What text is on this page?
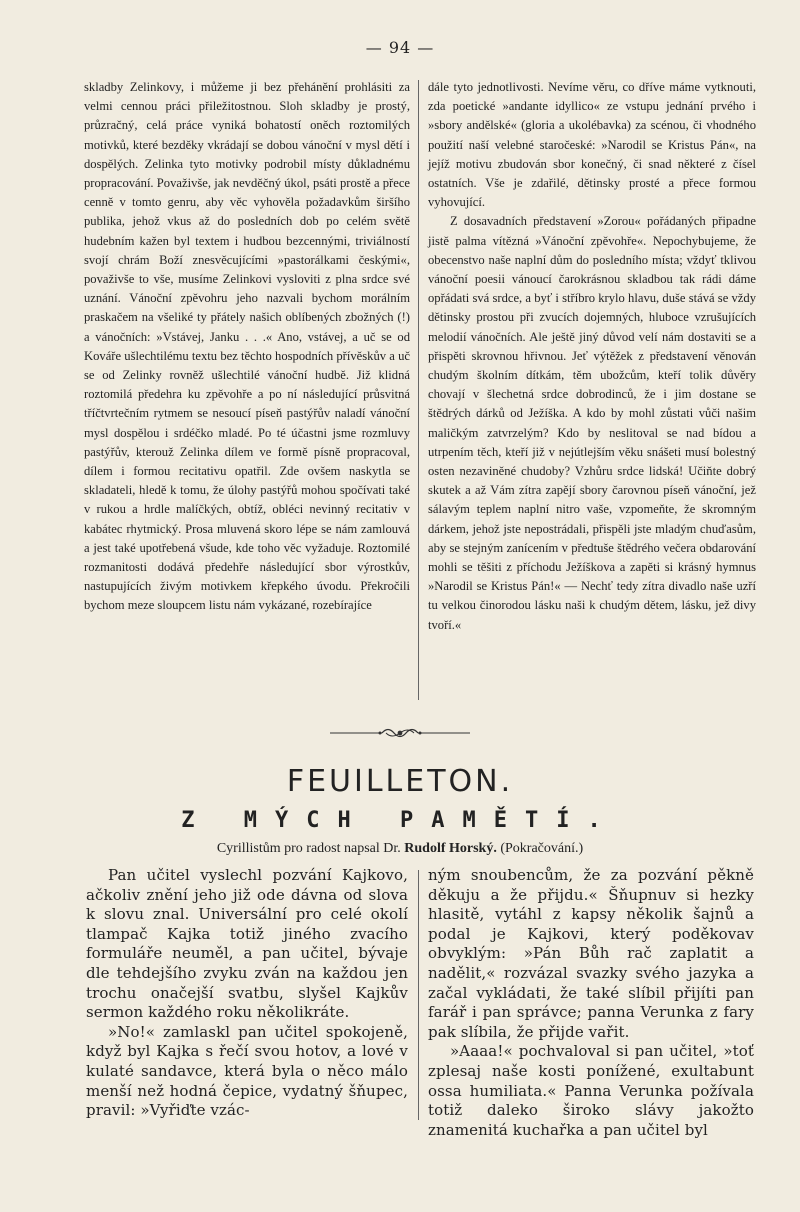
— 94 —

skladby Zelinkovy, i můžeme ji bez přehánění prohlásiti za velmi cennou práci přiležitostnou. Sloh skladby je prostý, průzračný, celá práce vyniká bohatostí oněch roztomilých motivků, které bezděky vkrádají se dobou vánoční v mysl dětí i dospělých. Zelinka tyto motivky podrobil místy důkladnému propracování. Považivše, jak nevděčný úkol, psáti prostě a přece cenně v tomto genru, aby věc vyhověla požadavkům širšího publika, jehož vkus až do posledních dob po celém světě hudebním kažen byl textem i hudbou bezcennými, triviálností svojí chrám Boží znesvěcujícími »pastorálkami českými«, považivše to vše, musíme Zelinkovi vysloviti z plna srdce své uznání. Vánoční zpěvohru jeho nazvali bychom morálním praskačem na všeliké ty přátely našich oblíbených zbožných (!) a vánočních: »Vstávej, Janku . . .« Ano, vstávej, a uč se od Kováře ušlechtilému textu bez těchto hospodních přívěskův a uč se od Zelinky rovněž ušlechtilé vánoční hudbě. Již klidná roztomilá předehra ku zpěvohře a po ní následující průsvitná tříčtvrtečním rytmem se nesoucí píseň pastýřův naladí vánoční mysl dospělou i srdéčko mladé. Po té účastni jsme rozmluvy pastýřův, kterouž Zelinka dílem ve formě písně propracoval, dílem i formou recitativu opatřil. Zde ovšem naskytla se skladateli, hledě k tomu, že úlohy pastýřů mohou spočívati také v rukou a hrdle malíčkých, obtíž, obléci nevinný recitativ v kabátec rhytmický. Prosa mluvená skoro lépe se nám zamlouvá a jest také upotřebená všude, kde toho věc vyžaduje. Roztomilé rozmanitosti dodává předehře následující sbor výrostkův, nastupujících živým motivkem křepkého úvodu. Překročili bychom meze sloupcem listu nám vykázané, rozebírajíce

dále tyto jednotlivosti. Nevíme věru, co dříve máme vytknouti, zda poetické »andante idyllico« ze vstupu jednání prvého i »sbory andělské« (gloria a ukolébavka) za scénou, či vhodného použití naší velebné staročeské: »Narodil se Kristus Pán«, na jejíž motivu zbudován sbor konečný, či snad některé z čísel ostatních. Vše je zdařilé, dětinsky prosté a přece formou vyhovující.

Z dosavadních představení »Zorou« pořádaných připadne jistě palma vítězná »Vánoční zpěvohře«. Nepochybujeme, že obecenstvo naše naplní dům do posledního místa; vždyť tklivou vánoční poesii vánoucí čarokrásnou skladbou tak rádi dáme opřádati svá srdce, a byť i stříbro krylo hlavu, duše stává se vždy dětinsky prostou při zvucích dojemných, hluboce vzrušujících melodií vánočních. Ale ještě jiný důvod velí nám dostaviti se a přispěti skrovnou hřivnou. Jeť výtěžek z představení věnován chudým školním dítkám, těm ubožcům, kteří tolik důvěry chovají v šlechetná srdce dobrodinců, že i jim dostane se štědrých dárků od Ježíška. A kdo by mohl zůstati vůči našim maličkým zatvrzelým? Kdo by neslitoval se nad bídou a utrpením těch, kteří již v nejútlejším věku snášeti musí bolestný osten nezaviněné chudoby? Vzhůru srdce lidská! Učiňte dobrý skutek a až Vám zítra zapějí sbory čarovnou píseň vánoční, jež sálavým teplem naplní nitro vaše, vzpomeňte, že skromným dárkem, jehož jste nepostrádali, přispěli jste mladým chuďasům, aby se stejným zanícením v předtuše štědrého večera obdarování mohli se těšiti z příchodu Ježíškova a zapěti si krásný hymnus »Narodil se Kristus Pán!« — Nechť tedy zítra divadlo naše uzří tu velkou činorodou lásku naši k chudým dětem, lásku, jež divy tvoří.«

FEUILLETON.
Z MÝCH PAMĚTÍ.
Cyrillistům pro radost napsal Dr. Rudolf Horský. (Pokračování.)

Pan učitel vyslechl pozvání Kajkovo, ačkoliv znění jeho již ode dávna od slova k slovu znal. Universální pro celé okolí tlampač Kajka totiž jiného zvacího formuláře neuměl, a pan učitel, bývaje dle tehdejšího zvyku zván na každou jen trochu onačejší svatbu, slyšel Kajkův sermon každého roku několikráte.

»No!« zamlaskl pan učitel spokojeně, když byl Kajka s řečí svou hotov, a lové v kulaté sandavce, která byla o něco málo menší než hodná čepice, vydatný šňupec, pravil: »Vyřiďte vzác-

ným snoubencům, že za pozvání pěkně děkuju a že přijdu.« Šňupnuv si hezky hlasitě, vytáhl z kapsy několik šajnů a podal je Kajkovi, který poděkovav obvyklým: »Pán Bůh rač zaplatit a nadělit,« rozvázal svazky svého jazyka a začal vykládati, že také slíbil přijíti pan farář i pan správce; panna Verunka z fary pak slíbila, že přijde vařit.

»Aaaa!« pochvaloval si pan učitel, »toť zplesaj naše kosti ponížené, exultabunt ossa humiliata.« Panna Verunka požívala totiž daleko široko slávy jakožto znamenitá kuchařka a pan učitel byl
